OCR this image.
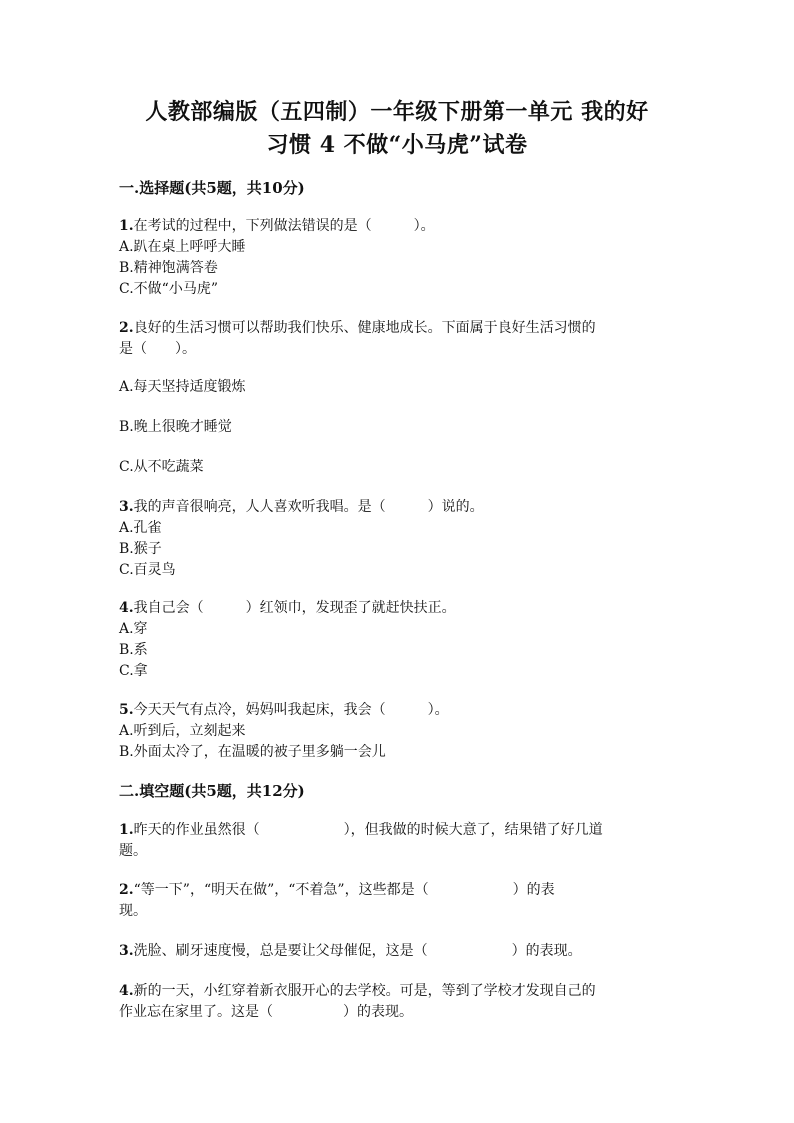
人教部编版（五四制）一年级下册第一单元 我的好
习惯 4 不做“小马虎”试卷
一.选择题(共5题，共10分)
1.在考试的过程中，下列做法错误的是（　　　）。
A.趴在桌上呼呼大睡
B.精神饱满答卷
C.不做“小马虎”
2.良好的生活习惯可以帮助我们快乐、健康地成长。下面属于良好生活习惯的
是（　　）。
A.每天坚持适度锻炼
B.晚上很晚才睡觉
C.从不吃蔬菜
3.我的声音很响亮，人人喜欢听我唱。是（　　　）说的。
A.孔雀
B.猴子
C.百灵鸟
4.我自己会（　　　）红领巾，发现歪了就赶快扶正。
A.穿
B.系
C.拿
5.今天天气有点冷，妈妈叫我起床，我会（　　　）。
A.听到后，立刻起来
B.外面太冷了，在温暖的被子里多躺一会儿
二.填空题(共5题，共12分)
1.昨天的作业虽然很（　　　　　　），但我做的时候大意了，结果错了好几道
题。
2.“等一下”，“明天在做”，“不着急”，这些都是（　　　　　　）的表
现。
3.洗脸、刷牙速度慢，总是要让父母催促，这是（　　　　　　）的表现。
4.新的一天，小红穿着新衣服开心的去学校。可是，等到了学校才发现自己的
作业忘在家里了。这是（　　　　　）的表现。
